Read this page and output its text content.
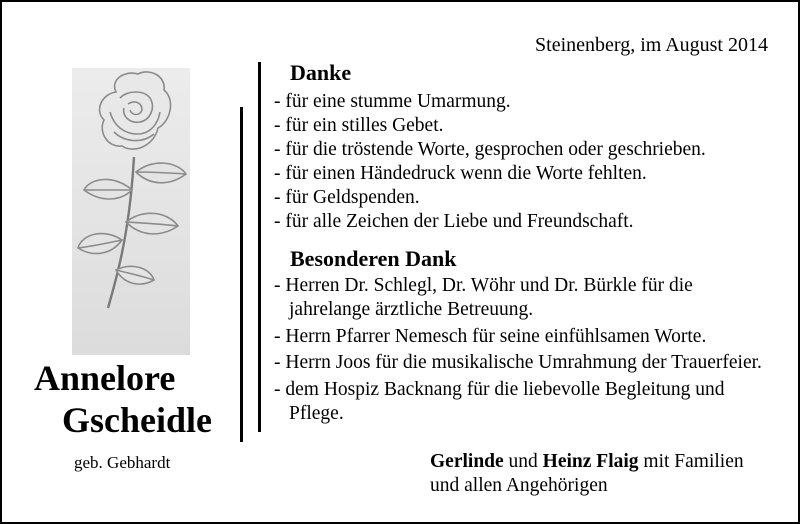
Steinenberg, im August 2014
Danke
- für eine stumme Umarmung.
- für ein stilles Gebet.
- für die tröstende Worte, gesprochen oder geschrieben.
- für einen Händedruck wenn die Worte fehlten.
- für Geldspenden.
- für alle Zeichen der Liebe und Freundschaft.
Besonderen Dank
- Herren Dr. Schlegl, Dr. Wöhr und Dr. Bürkle für die jahrelange ärztliche Betreuung.
- Herrn Pfarrer Nemesch für seine einfühlsamen Worte.
- Herrn Joos für die musikalische Umrahmung der Trauerfeier.
- dem Hospiz Backnang für die liebevolle Begleitung und Pflege.
Annelore
Gscheidle
geb. Gebhardt	Gerlinde und Heinz Flaig mit Familien
und allen Angehörigen
